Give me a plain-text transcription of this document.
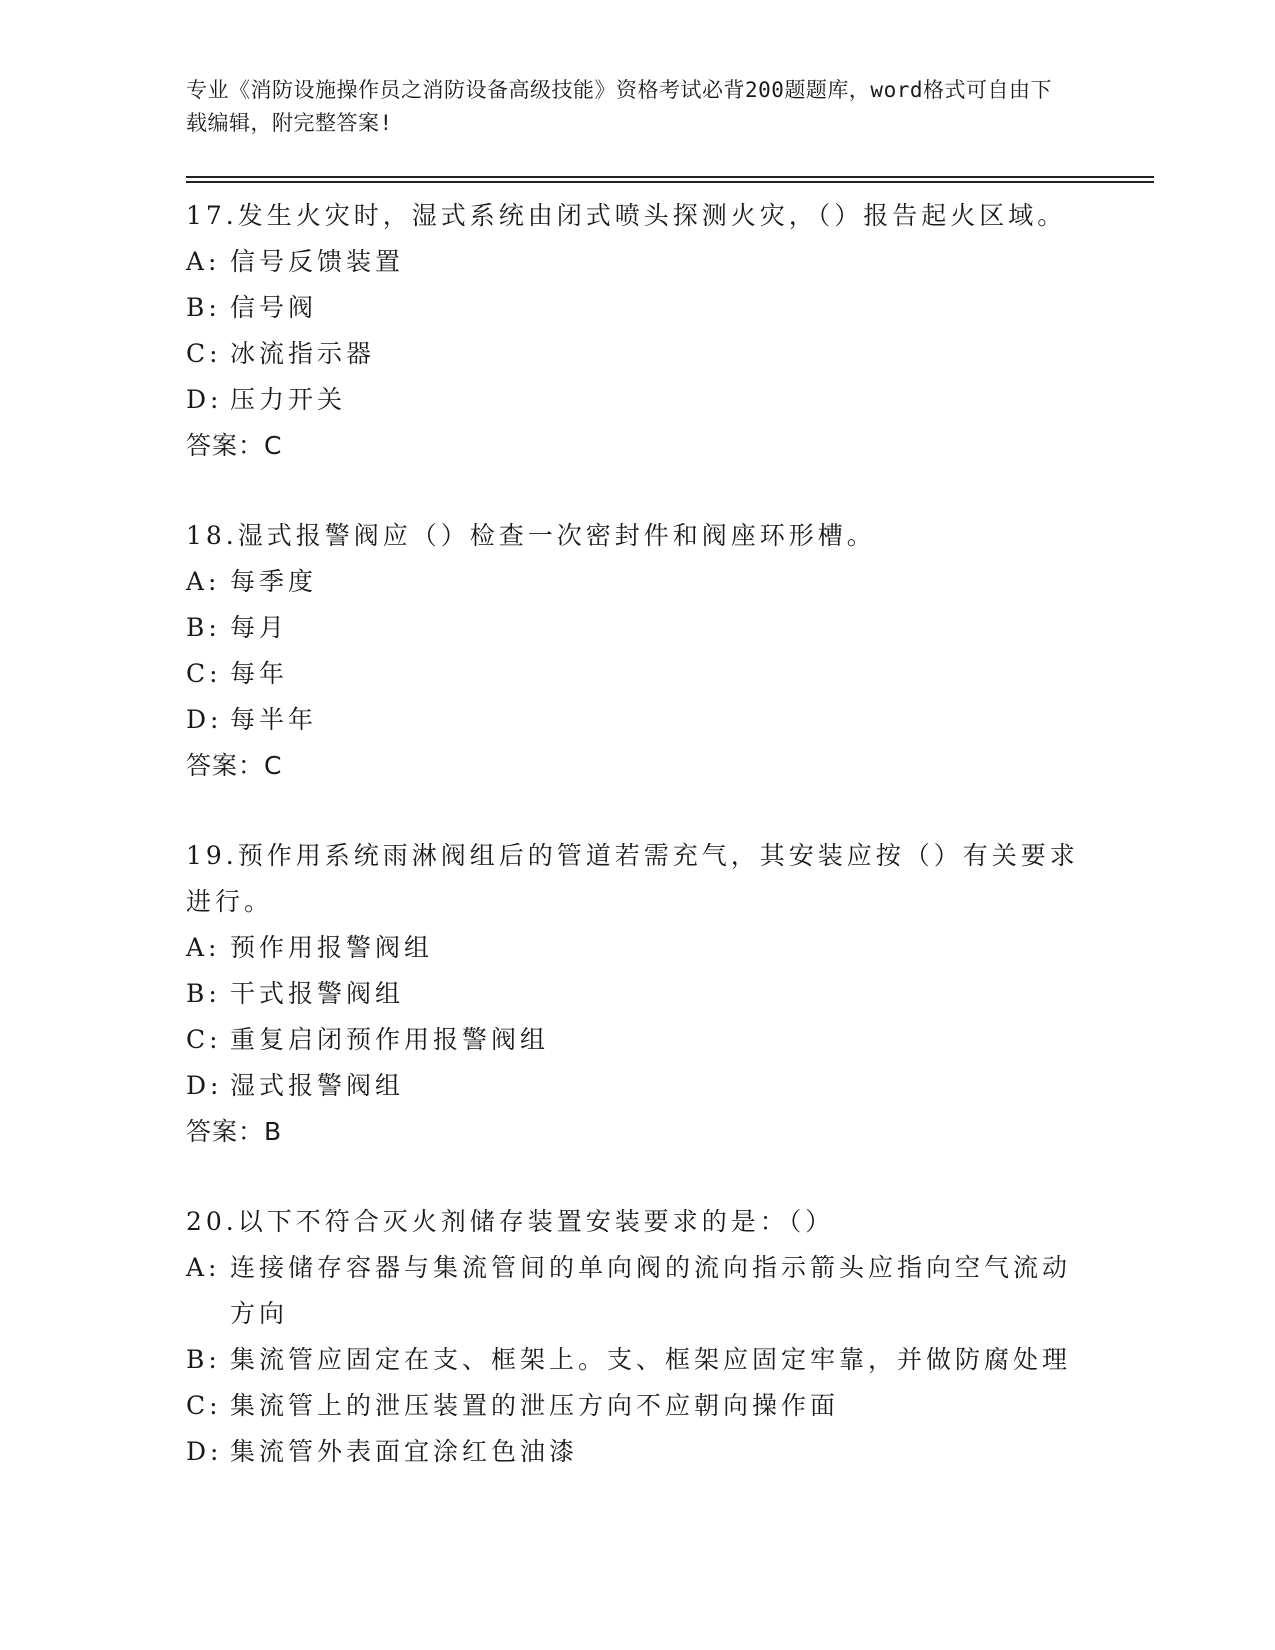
专业《消防设施操作员之消防设备高级技能》资格考试必背200题题库，word格式可自由下载编辑，附完整答案!

17.发生火灾时，湿式系统由闭式喷头探测火灾，（）报告起火区域。

A: 信号反馈装置
B: 信号阀
C: 冰流指示器
D: 压力开关

答案：C

18.湿式报警阀应（）检查一次密封件和阀座环形槽。

A: 每季度
B: 每月
C: 每年
D: 每半年

答案：C

19.预作用系统雨淋阀组后的管道若需充气，其安装应按（）有关要求进行。

A: 预作用报警阀组
B: 干式报警阀组
C: 重复启闭预作用报警阀组
D: 湿式报警阀组

答案：B

20.以下不符合灭火剂储存装置安装要求的是：（）

A: 连接储存容器与集流管间的单向阀的流向指示箭头应指向空气流动方向
B: 集流管应固定在支、框架上。支、框架应固定牢靠，并做防腐处理
C: 集流管上的泄压装置的泄压方向不应朝向操作面
D: 集流管外表面宜涂红色油漆
